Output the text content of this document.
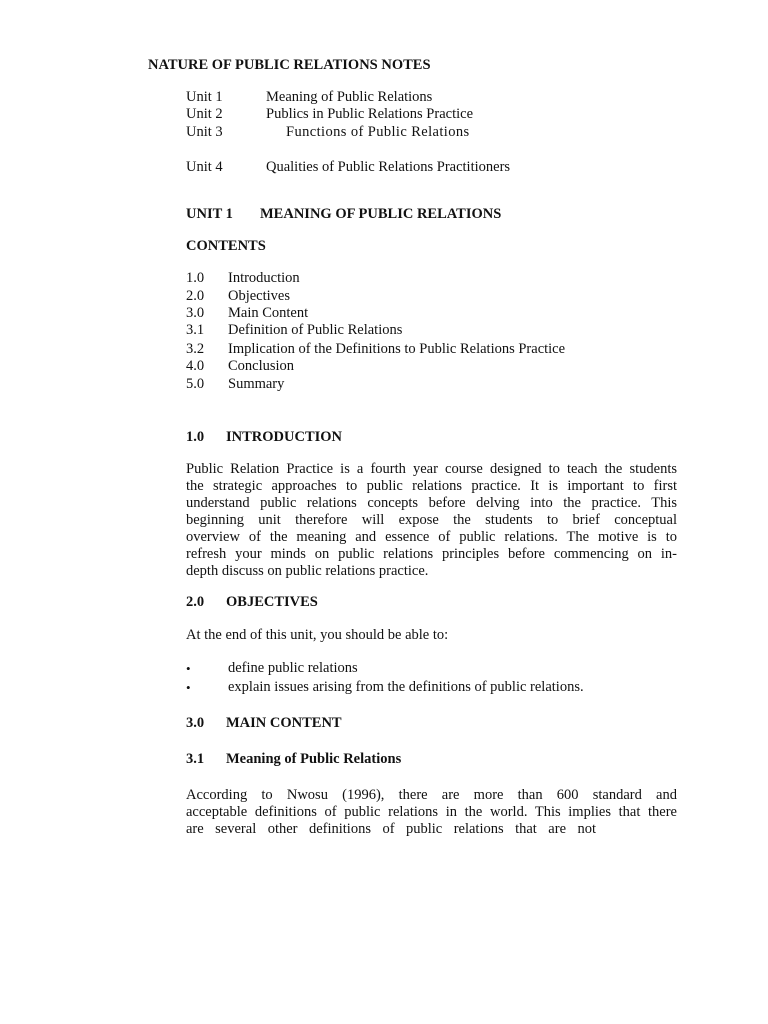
NATURE OF PUBLIC RELATIONS NOTES
Unit 1	Meaning of Public Relations
Unit 2	Publics in Public Relations Practice
Unit 3	Functions of Public Relations
Unit 4	Qualities of Public Relations Practitioners
UNIT 1 MEANING OF PUBLIC RELATIONS
CONTENTS
1.0 Introduction
2.0 Objectives
3.0 Main Content
3.1 Definition of Public Relations
3.2 Implication of the Definitions to Public Relations Practice
4.0 Conclusion
5.0 Summary
1.0 INTRODUCTION
Public Relation Practice is a fourth year course designed to teach the students
the strategic approaches to public relations practice. It is important to first
understand public relations concepts before delving into the practice. This
beginning unit therefore will expose the students to brief conceptual
overview of the meaning and essence of public relations. The motive is to
refresh your minds on public relations principles before commencing on in-
depth discuss on public relations practice.
2.0 OBJECTIVES
At the end of this unit, you should be able to:
•	define public relations
•	explain issues arising from the definitions of public relations.
3.0 MAIN CONTENT
3.1 Meaning of Public Relations
According to Nwosu (1996), there are more than 600 standard and
acceptable definitions of public relations in the world. This implies that there
are several other definitions of public relations that are not
